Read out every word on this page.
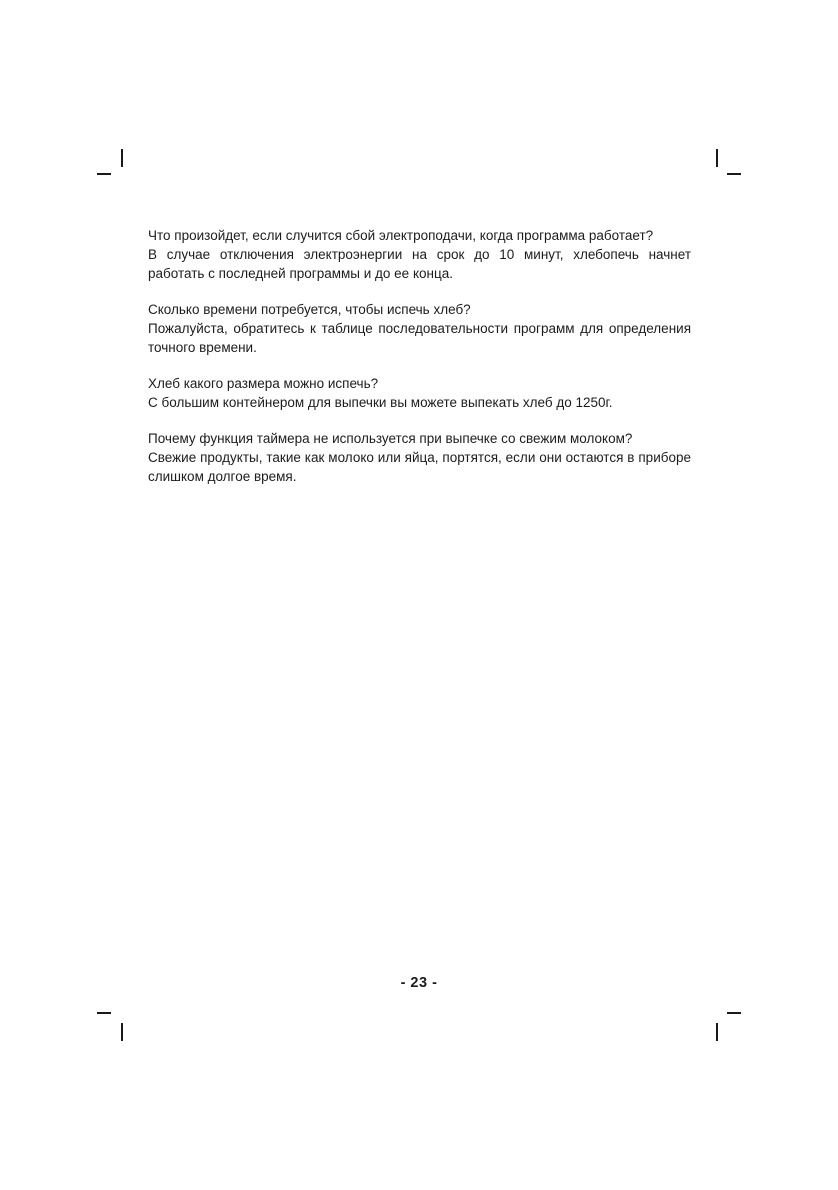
Что произойдет, если случится сбой электроподачи, когда программа работает?
В случае отключения электроэнергии на срок до 10 минут, хлебопечь начнет работать с последней программы и до ее конца.
Сколько времени потребуется, чтобы испечь хлеб?
Пожалуйста, обратитесь к таблице последовательности программ для определения точного времени.
Хлеб какого размера можно испечь?
С большим контейнером для выпечки вы можете выпекать хлеб до 1250г.
Почему функция таймера не используется при выпечке со свежим молоком?
Свежие продукты, такие как молоко или яйца, портятся, если они остаются в приборе слишком долгое время.
- 23 -
